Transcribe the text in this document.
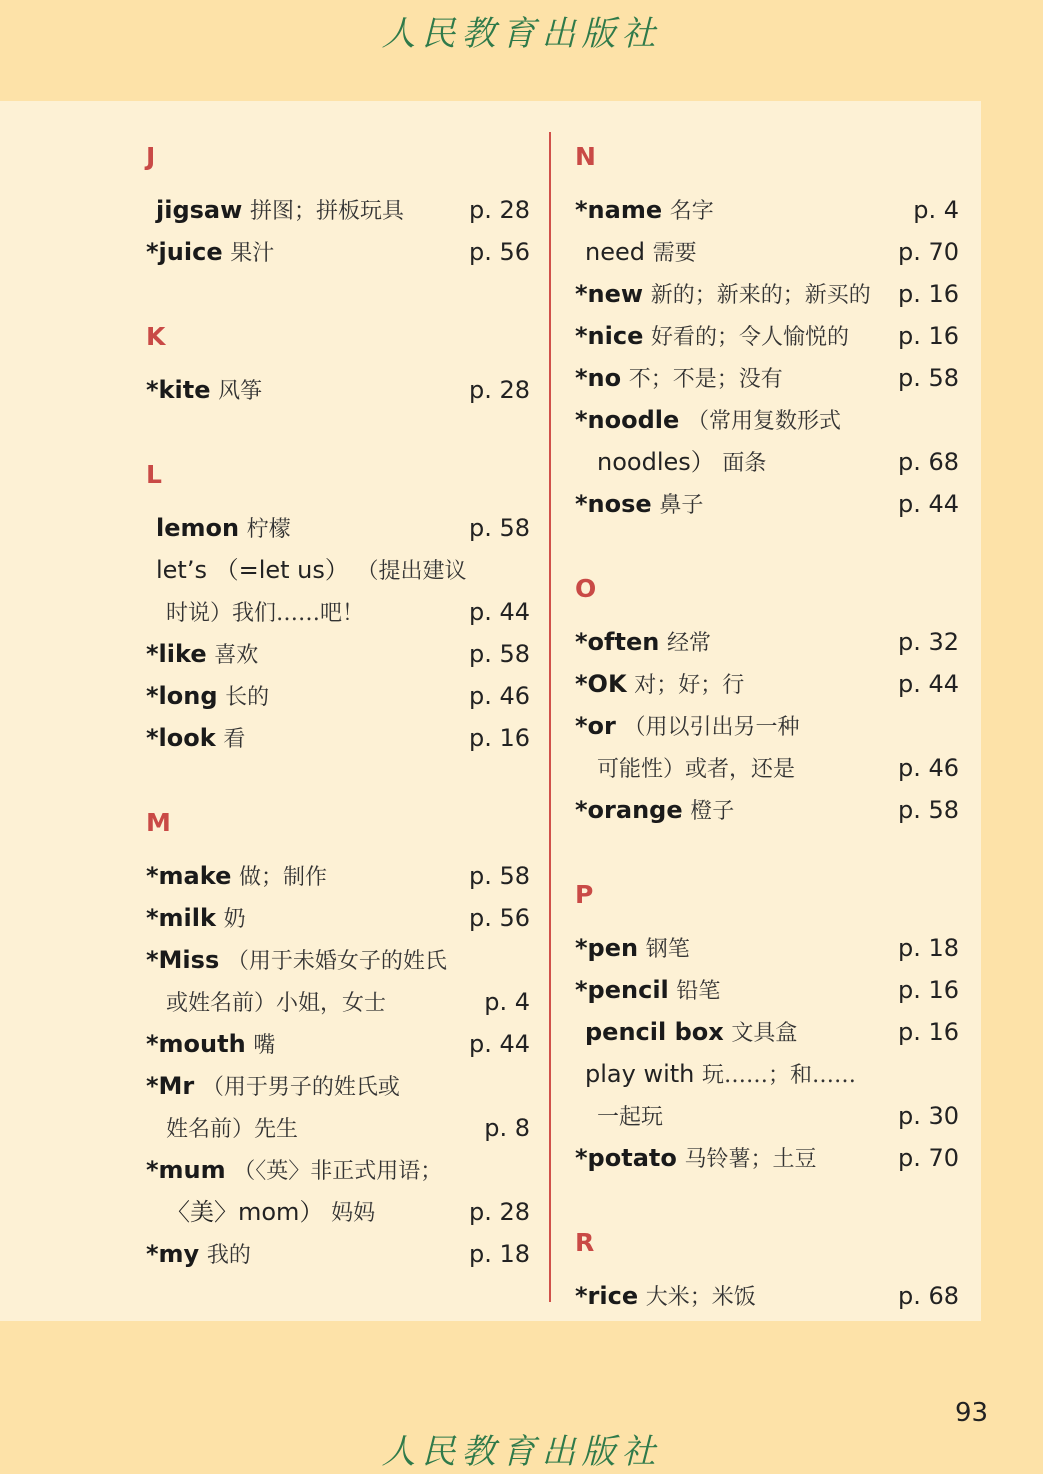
人民教育出版社
J
jigsaw 拼图；拼板玩具	p. 28
*juice 果汁	p. 56
K
*kite 风筝	p. 28
L
lemon 柠檬	p. 58
let’s （=let us） （提出建议
时说）我们……吧！	p. 44
*like 喜欢	p. 58
*long 长的	p. 46
*look 看	p. 16
M
*make 做；制作	p. 58
*milk 奶	p. 56
*Miss （用于未婚女子的姓氏
或姓名前）小姐，女士	p. 4
*mouth 嘴	p. 44
*Mr （用于男子的姓氏或
姓名前）先生	p. 8
*mum （〈英〉非正式用语；
〈美〉mom） 妈妈	p. 28
*my 我的	p. 18
N
*name 名字	p. 4
need 需要	p. 70
*new 新的；新来的；新买的 p. 16
*nice 好看的；令人愉悦的 p. 16
*no 不；不是；没有	p. 58
*noodle （常用复数形式
noodles） 面条	p. 68
*nose 鼻子	p. 44
O
*often 经常	p. 32
*OK 对；好；行	p. 44
*or （用以引出另一种
可能性）或者，还是	p. 46
*orange 橙子	p. 58
P
*pen 钢笔	p. 18
*pencil 铅笔	p. 16
pencil box 文具盒	p. 16
play with 玩……；和……
一起玩	p. 30
*potato 马铃薯；土豆	p. 70
R
*rice 大米；米饭	p. 68
93
人民教育出版社
